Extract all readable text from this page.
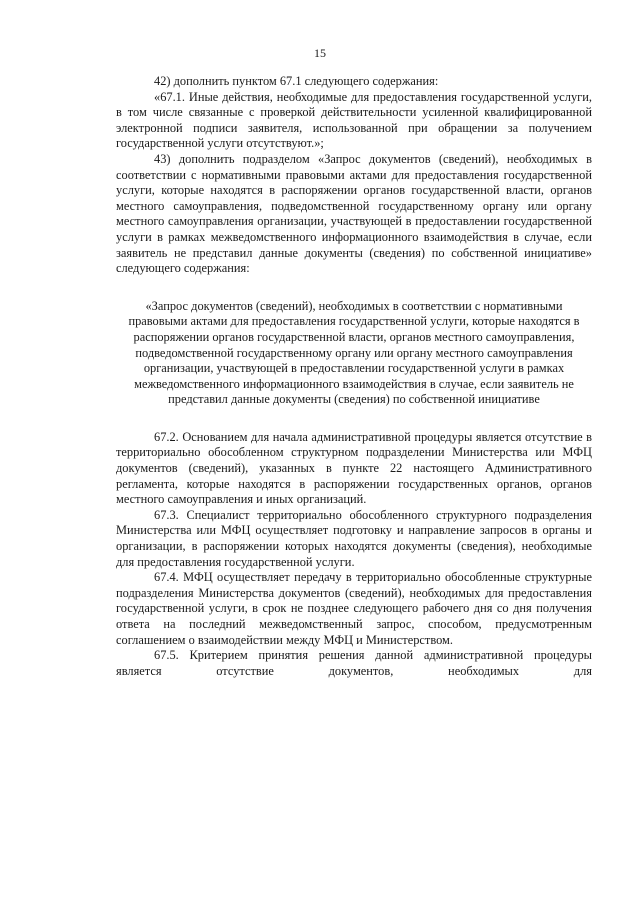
15

42) дополнить пунктом 67.1 следующего содержания:

«67.1. Иные действия, необходимые для предоставления государственной услуги, в том числе связанные с проверкой действительности усиленной квалифицированной электронной подписи заявителя, использованной при обращении за получением государственной услуги отсутствуют.»;

43) дополнить подразделом «Запрос документов (сведений), необходимых в соответствии с нормативными правовыми актами для предоставления государственной услуги, которые находятся в распоряжении органов государственной власти, органов местного самоуправления, подведомственной государственному органу или органу местного самоуправления организации, участвующей в предоставлении государственной услуги в рамках межведомственного информационного взаимодействия в случае, если заявитель не представил данные документы (сведения) по собственной инициативе» следующего содержания:

«Запрос документов (сведений), необходимых в соответствии с нормативными правовыми актами для предоставления государственной услуги, которые находятся в распоряжении органов государственной власти, органов местного самоуправления, подведомственной государственному органу или органу местного самоуправления организации, участвующей в предоставлении государственной услуги в рамках межведомственного информационного взаимодействия в случае, если заявитель не представил данные документы (сведения) по собственной инициативе

67.2. Основанием для начала административной процедуры является отсутствие в территориально обособленном структурном подразделении Министерства или МФЦ документов (сведений), указанных в пункте 22 настоящего Административного регламента, которые находятся в распоряжении государственных органов, органов местного самоуправления и иных организаций.

67.3. Специалист территориально обособленного структурного подразделения Министерства или МФЦ осуществляет подготовку и направление запросов в органы и организации, в распоряжении которых находятся документы (сведения), необходимые для предоставления государственной услуги.

67.4. МФЦ осуществляет передачу в территориально обособленные структурные подразделения Министерства документов (сведений), необходимых для предоставления государственной услуги, в срок не позднее следующего рабочего дня со дня получения ответа на последний межведомственный запрос, способом, предусмотренным соглашением о взаимодействии между МФЦ и Министерством.

67.5. Критерием принятия решения данной административной процедуры является отсутствие документов, необходимых для
